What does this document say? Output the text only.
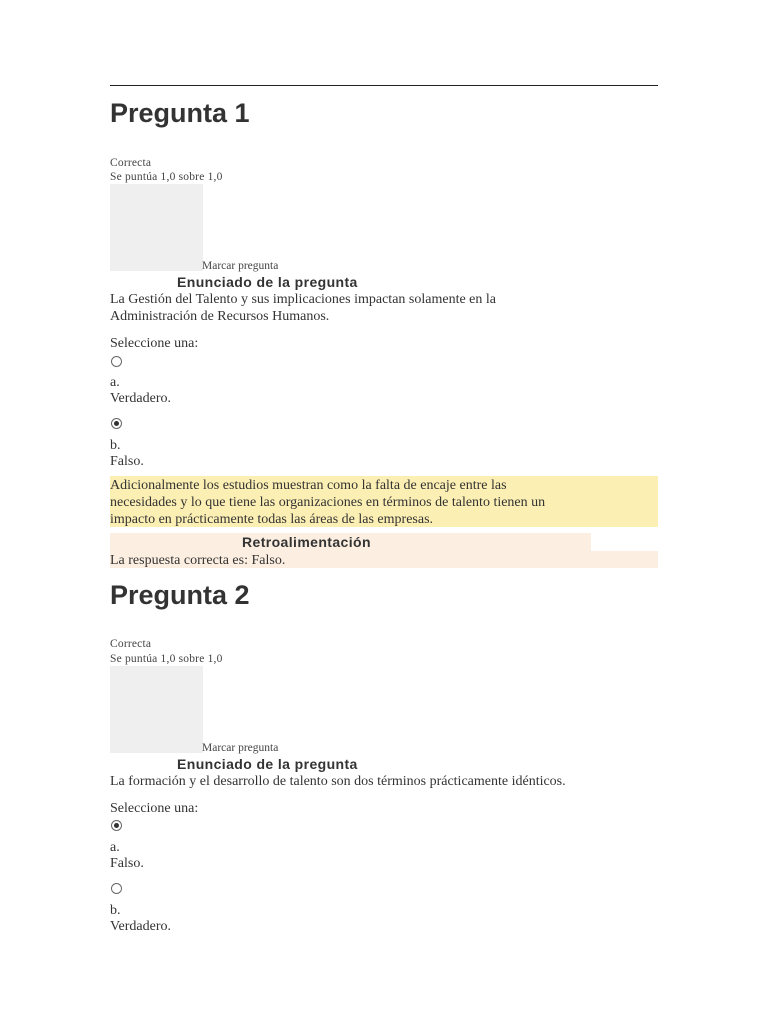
Pregunta 1
Correcta
Se puntúa 1,0 sobre 1,0
Marcar pregunta
Enunciado de la pregunta
La Gestión del Talento y sus implicaciones impactan solamente en la
Administración de Recursos Humanos.
Seleccione una:
a.
Verdadero.
b.
Falso.
Adicionalmente los estudios muestran como la falta de encaje entre las
necesidades y lo que tiene las organizaciones en términos de talento tienen un
impacto en prácticamente todas las áreas de las empresas.
Retroalimentación
La respuesta correcta es: Falso.
Pregunta 2
Correcta
Se puntúa 1,0 sobre 1,0
Marcar pregunta
Enunciado de la pregunta
La formación y el desarrollo de talento son dos términos prácticamente idénticos.
Seleccione una:
a.
Falso.
b.
Verdadero.
